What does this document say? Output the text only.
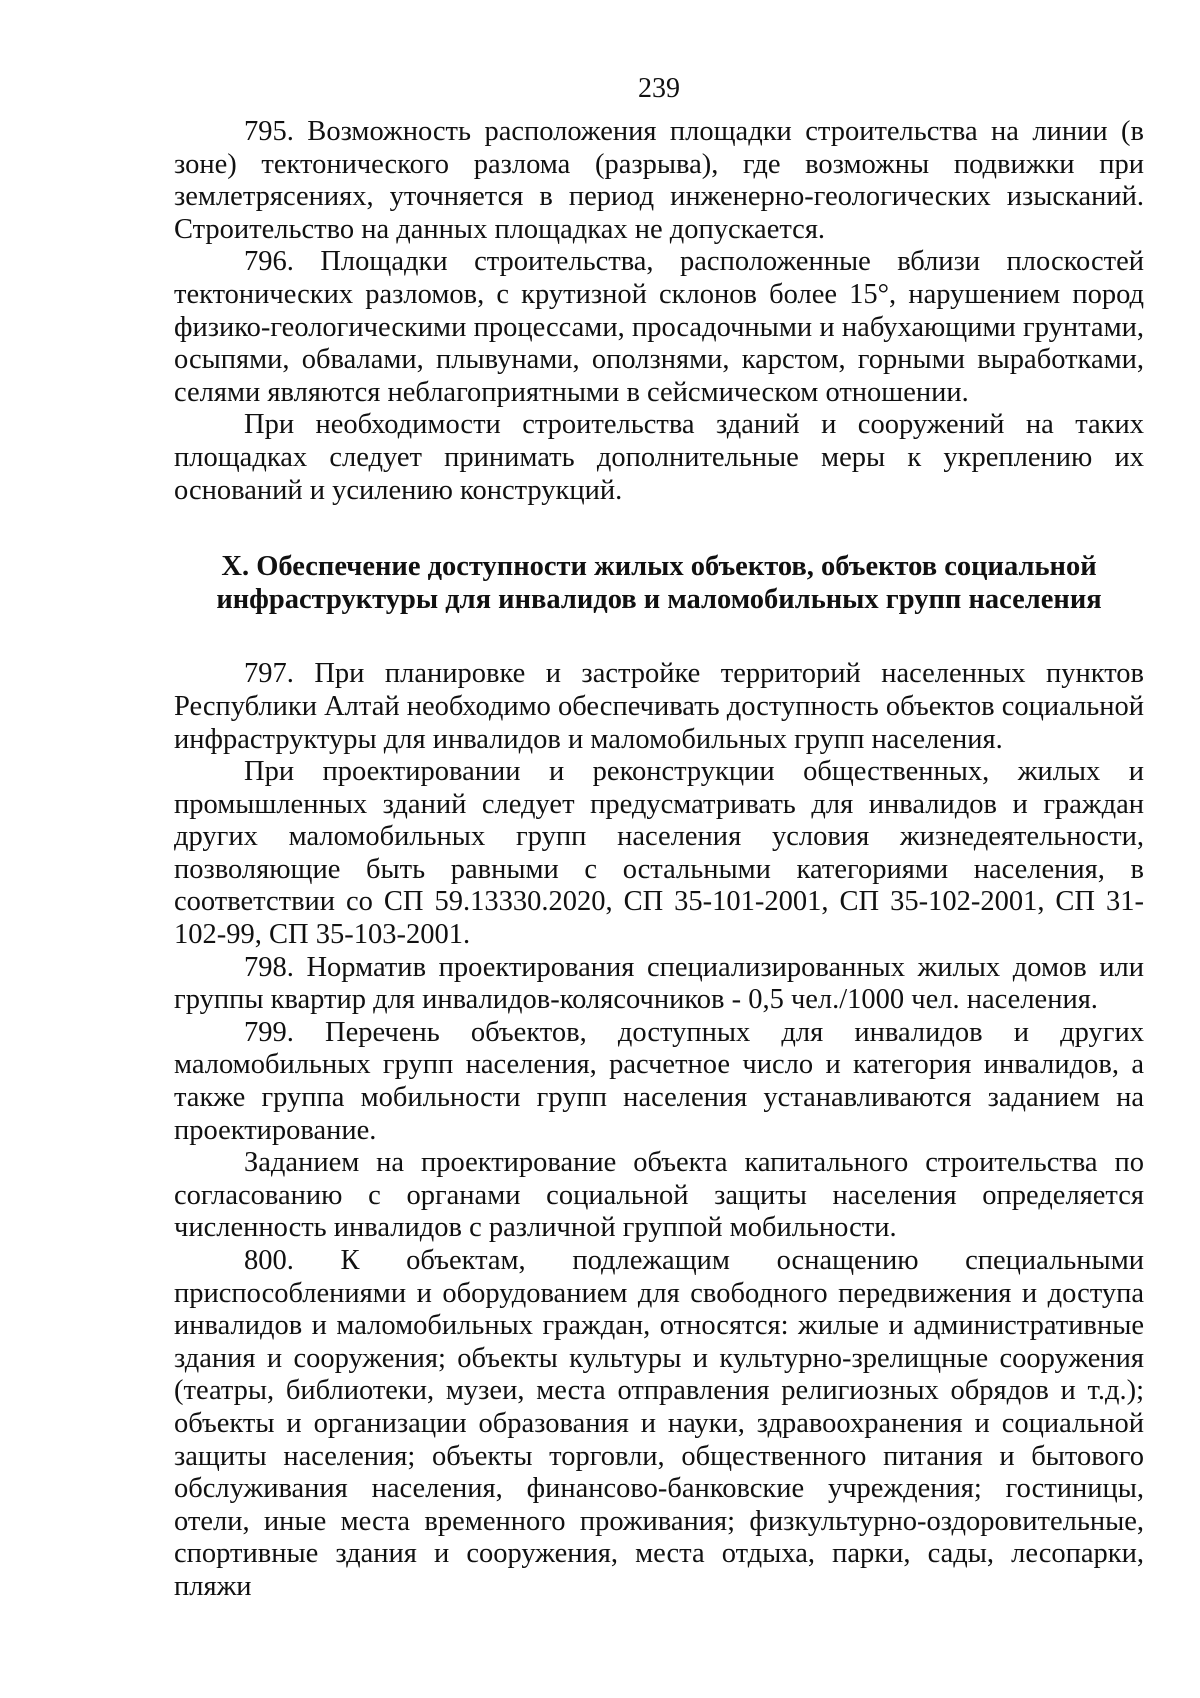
239

795. Возможность расположения площадки строительства на линии (в зоне) тектонического разлома (разрыва), где возможны подвижки при землетрясениях, уточняется в период инженерно-геологических изысканий. Строительство на данных площадках не допускается.

796. Площадки строительства, расположенные вблизи плоскостей тектонических разломов, с крутизной склонов более 15°, нарушением пород физико-геологическими процессами, просадочными и набухающими грунтами, осыпями, обвалами, плывунами, оползнями, карстом, горными выработками, селями являются неблагоприятными в сейсмическом отношении.

При необходимости строительства зданий и сооружений на таких площадках следует принимать дополнительные меры к укреплению их оснований и усилению конструкций.

X. Обеспечение доступности жилых объектов, объектов социальной
инфраструктуры для инвалидов и маломобильных групп населения

797. При планировке и застройке территорий населенных пунктов Республики Алтай необходимо обеспечивать доступность объектов социальной инфраструктуры для инвалидов и маломобильных групп населения.

При проектировании и реконструкции общественных, жилых и промышленных зданий следует предусматривать для инвалидов и граждан других маломобильных групп населения условия жизнедеятельности, позволяющие быть равными с остальными категориями населения, в соответствии со СП 59.13330.2020, СП 35-101-2001, СП 35-102-2001, СП 31-102-99, СП 35-103-2001.

798. Норматив проектирования специализированных жилых домов или группы квартир для инвалидов-колясочников - 0,5 чел./1000 чел. населения.

799. Перечень объектов, доступных для инвалидов и других маломобильных групп населения, расчетное число и категория инвалидов, а также группа мобильности групп населения устанавливаются заданием на проектирование.

Заданием на проектирование объекта капитального строительства по согласованию с органами социальной защиты населения определяется численность инвалидов с различной группой мобильности.

800. К объектам, подлежащим оснащению специальными приспособлениями и оборудованием для свободного передвижения и доступа инвалидов и маломобильных граждан, относятся: жилые и административные здания и сооружения; объекты культуры и культурно-зрелищные сооружения (театры, библиотеки, музеи, места отправления религиозных обрядов и т.д.); объекты и организации образования и науки, здравоохранения и социальной защиты населения; объекты торговли, общественного питания и бытового обслуживания населения, финансово-банковские учреждения; гостиницы, отели, иные места временного проживания; физкультурно-оздоровительные, спортивные здания и сооружения, места отдыха, парки, сады, лесопарки, пляжи
